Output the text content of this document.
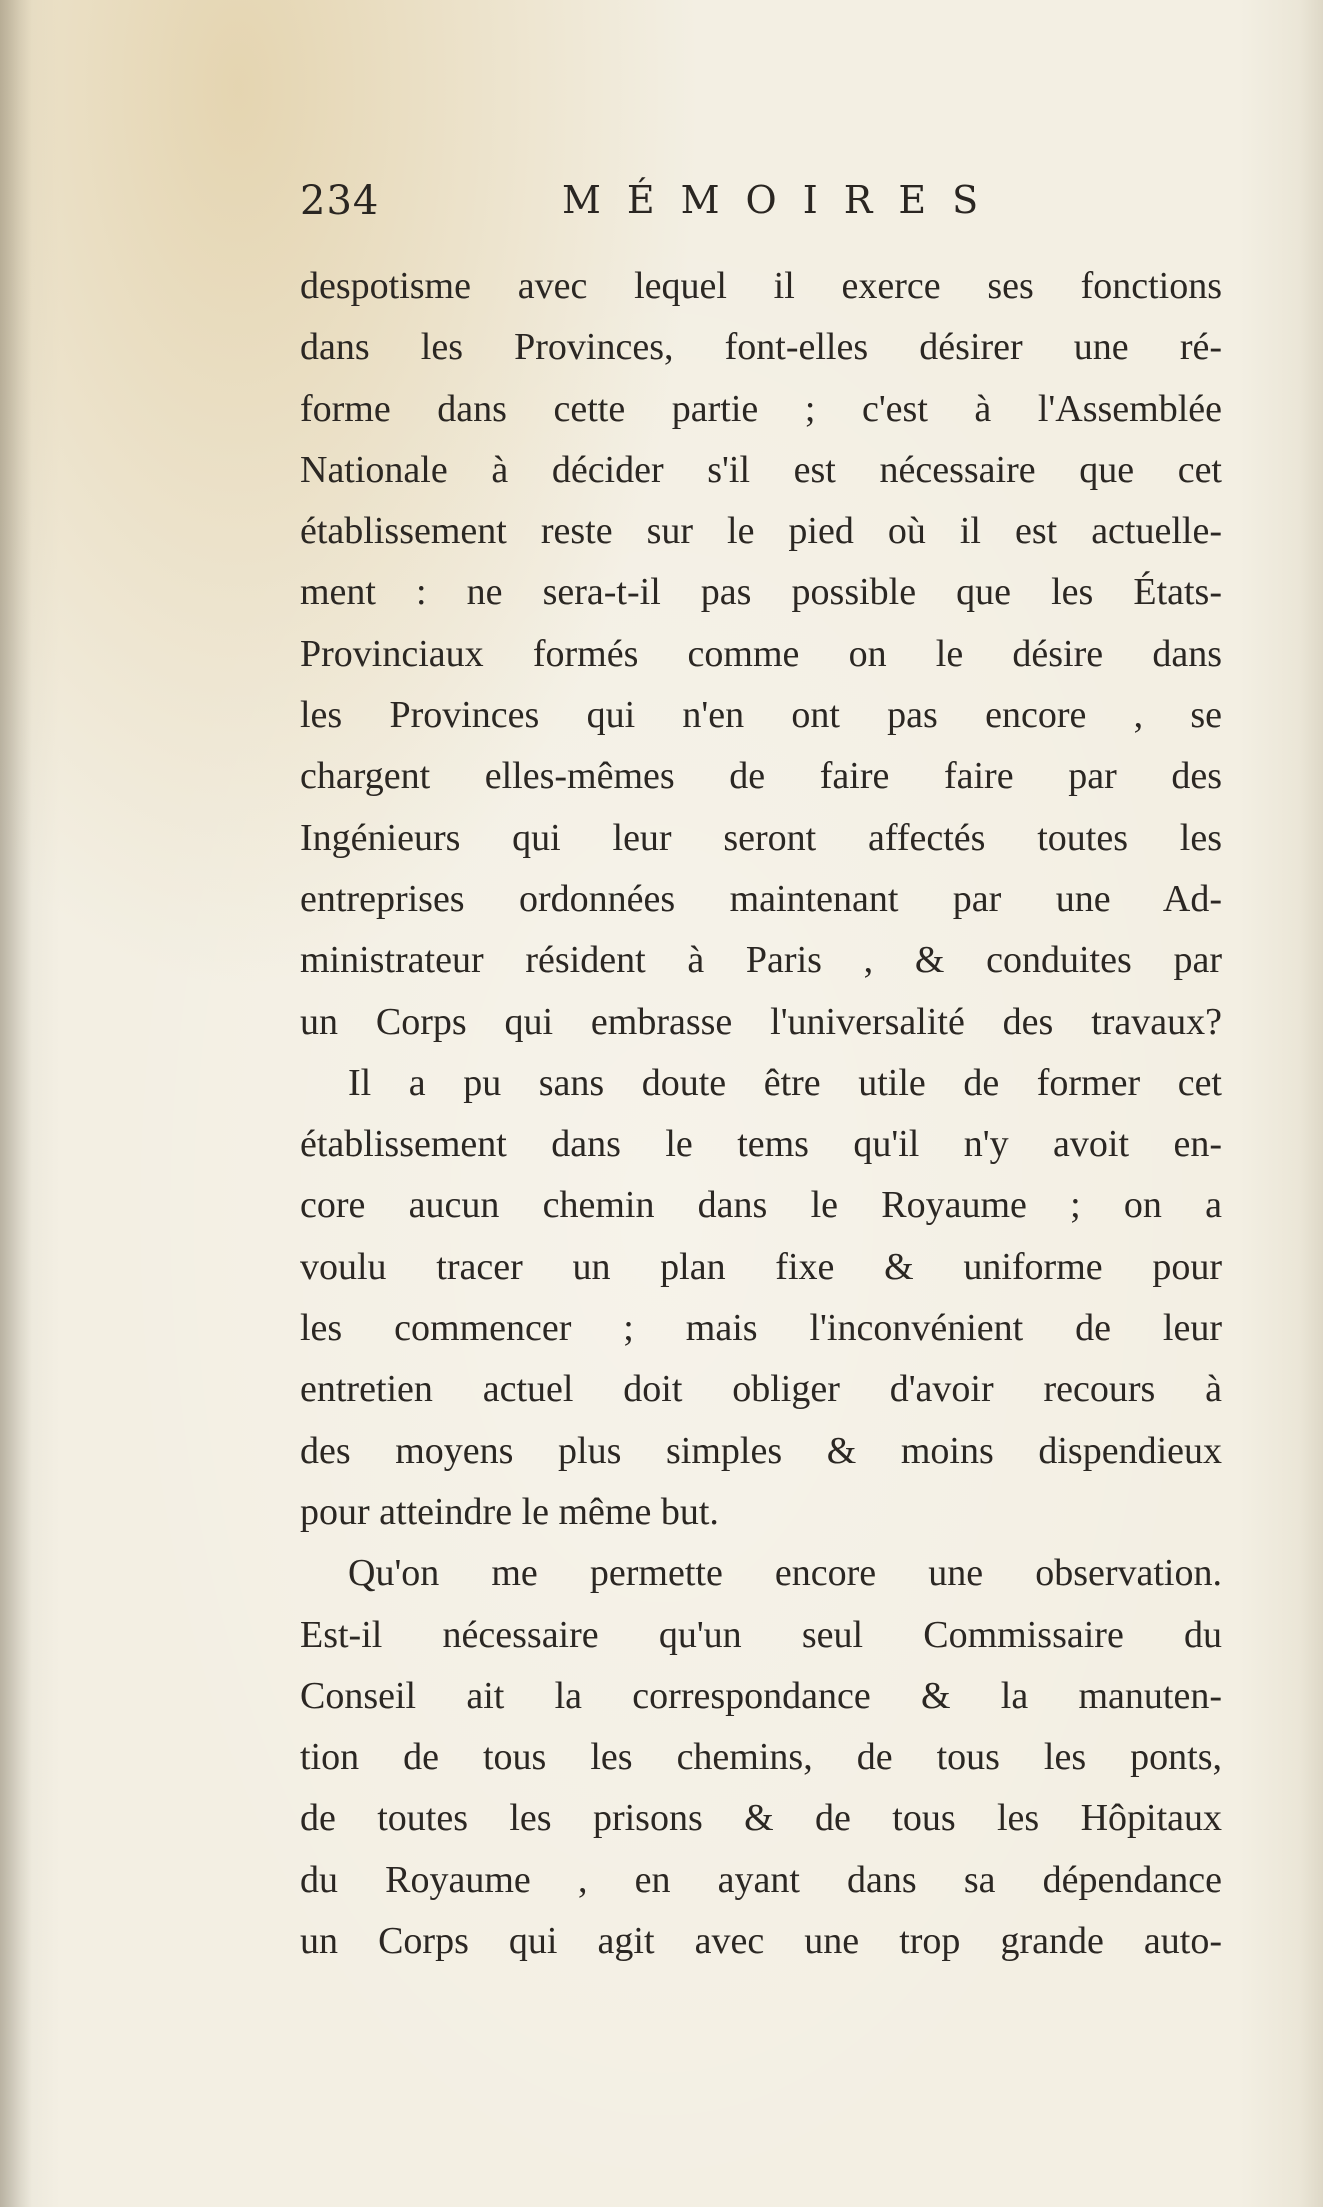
234	MÉMOIRES
despotisme avec lequel il exerce ses fonctions
dans les Provinces, font-elles désirer une ré-
forme dans cette partie ; c'est à l'Assemblée
Nationale à décider s'il est nécessaire que cet
établissement reste sur le pied où il est actuelle-
ment : ne sera-t-il pas possible que les États-
Provinciaux formés comme on le désire dans
les Provinces qui n'en ont pas encore , se
chargent elles-mêmes de faire faire par des
Ingénieurs qui leur seront affectés toutes les
entreprises ordonnées maintenant par une Ad-
ministrateur résident à Paris , & conduites par
un Corps qui embrasse l'universalité des travaux?
Il a pu sans doute être utile de former cet
établissement dans le tems qu'il n'y avoit en-
core aucun chemin dans le Royaume ; on a
voulu tracer un plan fixe & uniforme pour
les commencer ; mais l'inconvénient de leur
entretien actuel doit obliger d'avoir recours à
des moyens plus simples & moins dispendieux
pour atteindre le même but.
Qu'on me permette encore une observation.
Est-il nécessaire qu'un seul Commissaire du
Conseil ait la correspondance & la manuten-
tion de tous les chemins, de tous les ponts,
de toutes les prisons & de tous les Hôpitaux
du Royaume , en ayant dans sa dépendance
un Corps qui agit avec une trop grande auto-
